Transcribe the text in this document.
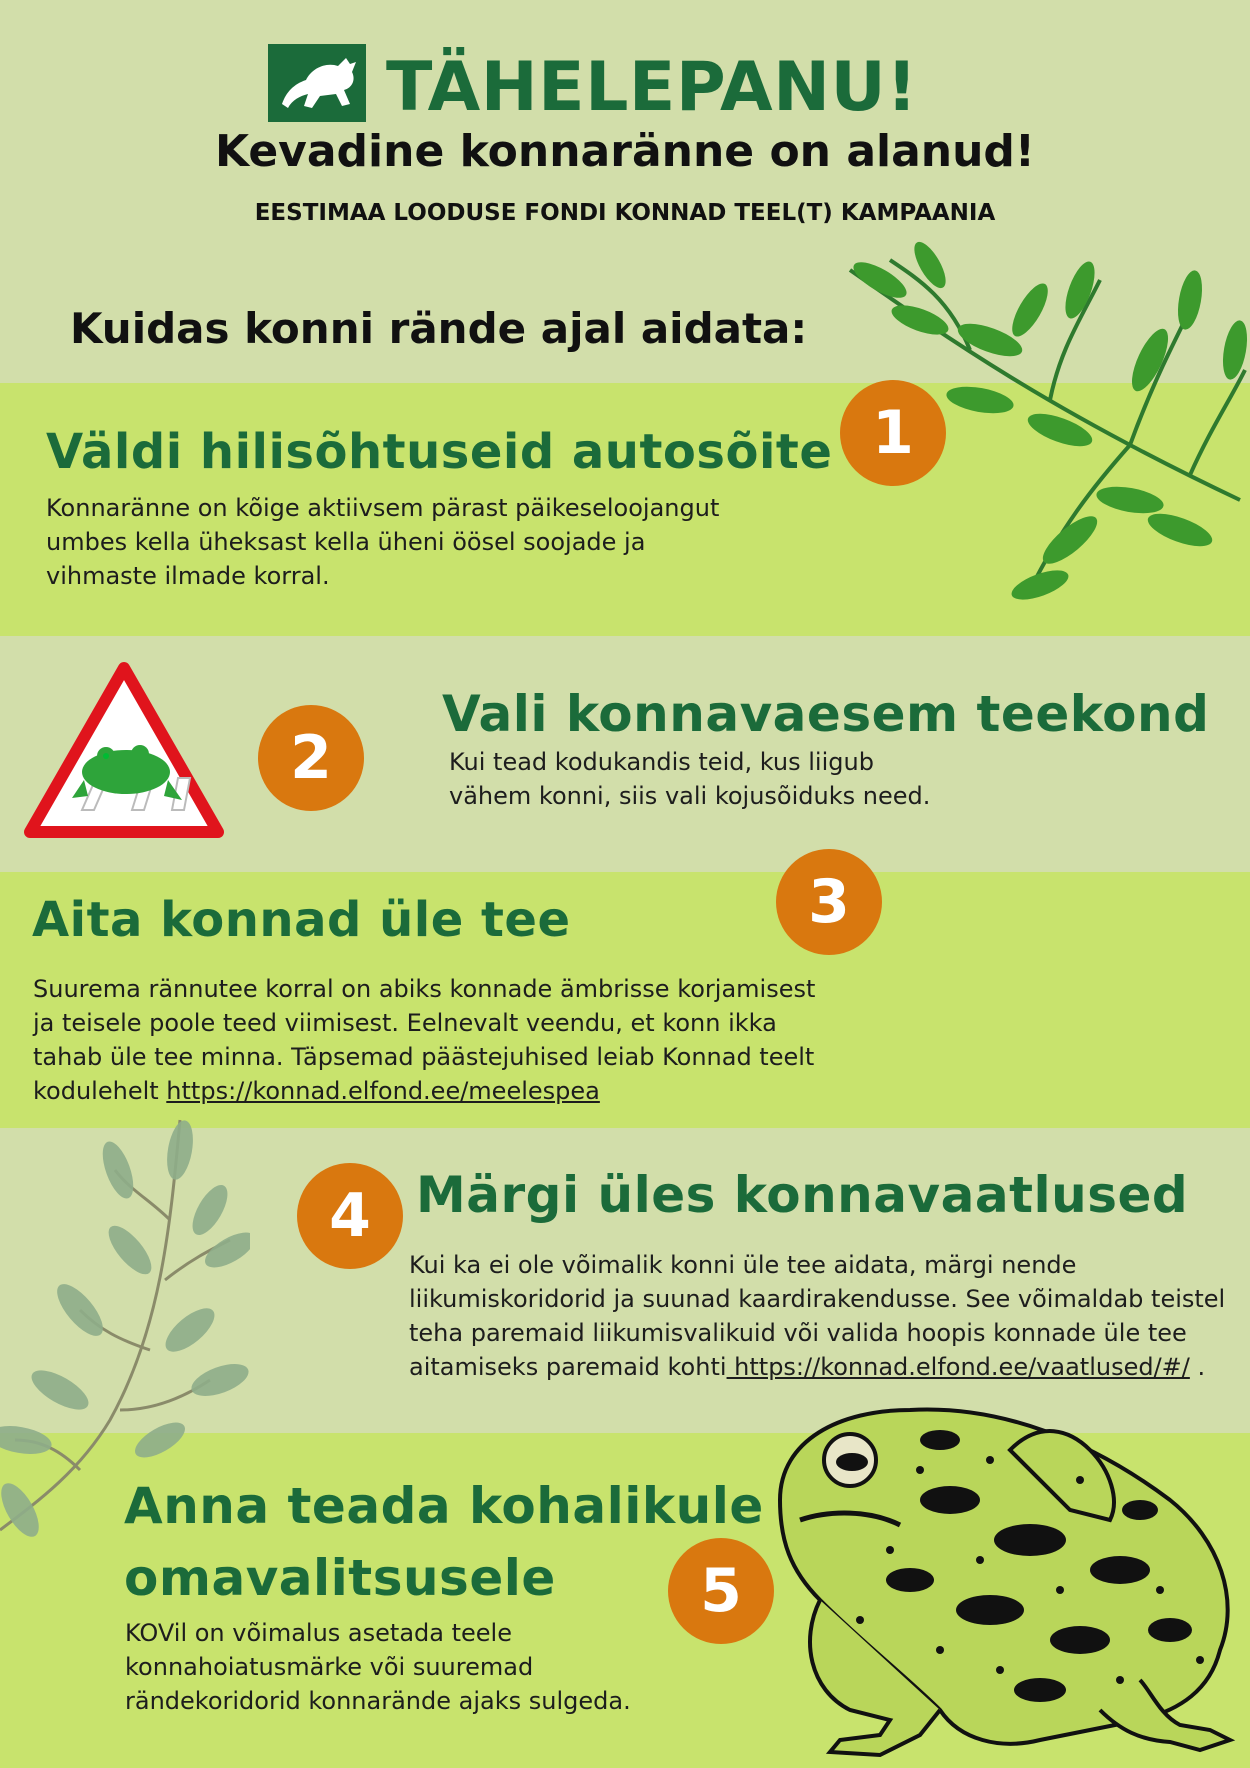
TÄHELEPANU!
Kevadine konnaränne on alanud!
EESTIMAA LOODUSE FONDI KONNAD TEEL(T) KAMPAANIA
Kuidas konni rände ajal aidata:
1
Väldi hilisõhtuseid autosõite
Konnaränne on kõige aktiivsem pärast päikeseloojangut
umbes kella üheksast kella üheni öösel soojade ja
vihmaste ilmade korral.
2
Vali konnavaesem teekond
Kui tead kodukandis teid, kus liigub
vähem konni, siis vali kojusõiduks need.
3
Aita konnad üle tee
Suurema rännutee korral on abiks konnade ämbrisse korjamisest
ja teisele poole teed viimisest. Eelnevalt veendu, et konn ikka
tahab üle tee minna. Täpsemad päästejuhised leiab Konnad teelt
kodulehelt https://konnad.elfond.ee/meelespea
4 Märgi üles konnavaatlused
Kui ka ei ole võimalik konni üle tee aidata, märgi nende
liikumiskoridorid ja suunad kaardirakendusse. See võimaldab teistel
teha paremaid liikumisvalikuid või valida hoopis konnade üle tee
aitamiseks paremaid kohti https://konnad.elfond.ee/vaatlused/#/ .
Anna teada kohalikule
omavalitsusele	5
KOVil on võimalus asetada teele
konnahoiatusmärke või suuremad
rändekoridorid konnarände ajaks sulgeda.
